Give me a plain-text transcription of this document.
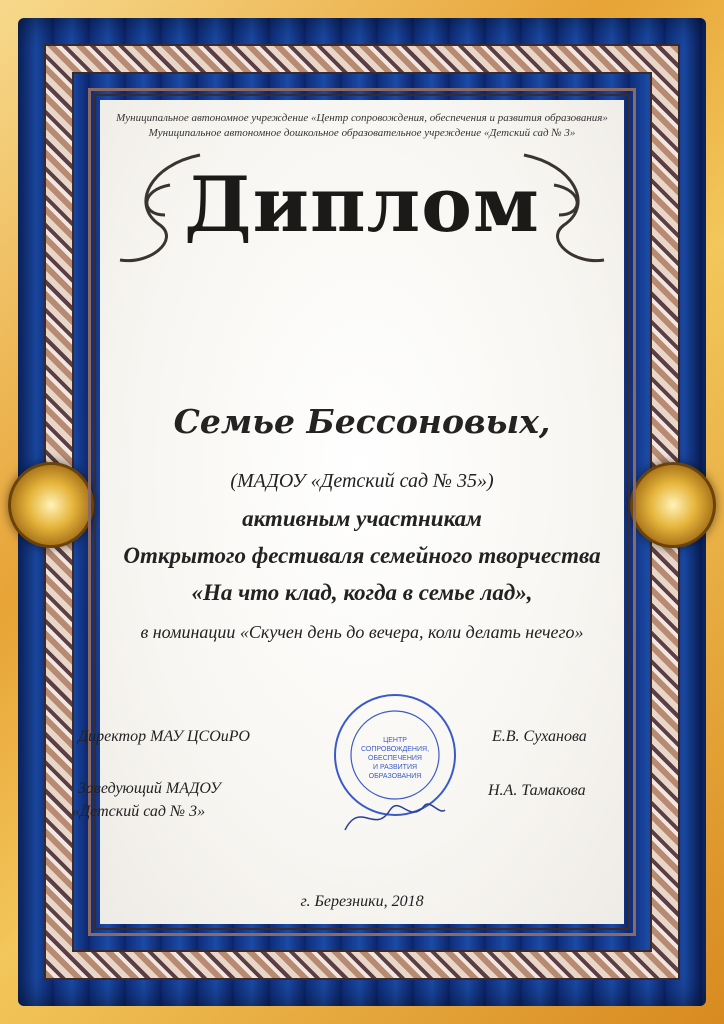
Муниципальное автономное учреждение «Центр сопровождения, обеспечения и развития образования»
Муниципальное автономное дошкольное образовательное учреждение «Детский сад № 3»
Диплом
Семье Бессоновых,
(МАДОУ «Детский сад № 35»)
активным участникам
Открытого фестиваля семейного творчества
«На что клад, когда в семье лад»,
в номинации «Скучен день до вечера, коли делать нечего»
ЦЕНТР
СОПРОВОЖДЕНИЯ,
ОБЕСПЕЧЕНИЯ
И РАЗВИТИЯ
ОБРАЗОВАНИЯ
Директор МАУ ЦСОиРО	Е.В. Суханова
Заведующий МАДОУ
«Детский сад № 3»
Н.А. Тамакова
г. Березники, 2018
